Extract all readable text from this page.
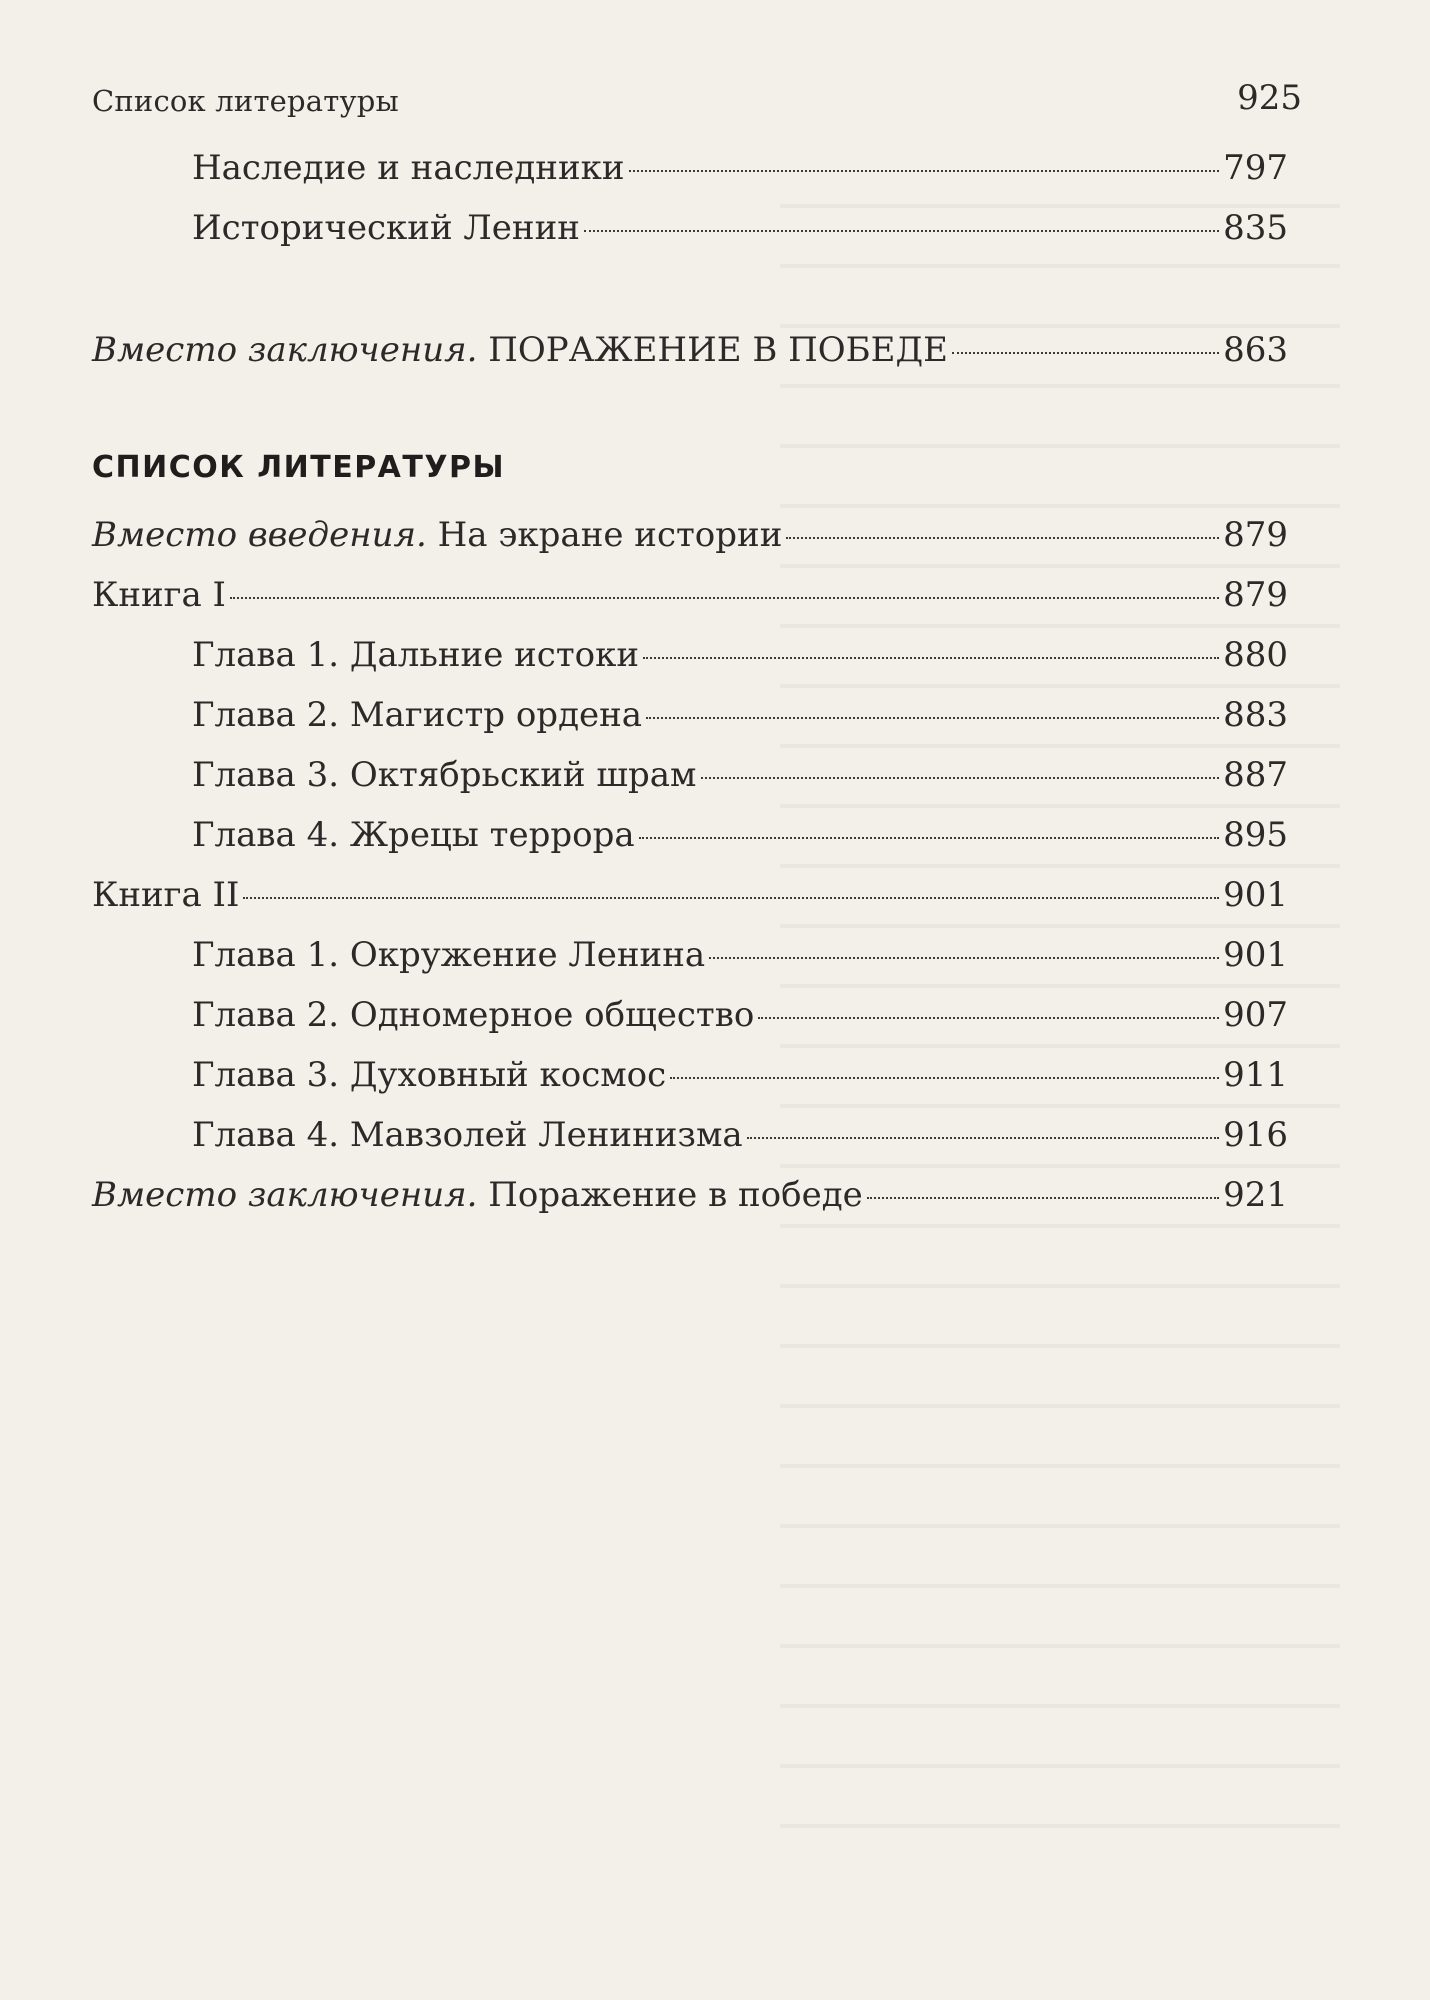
Список литературы	925
Наследие и наследники	797
Исторический Ленин	835
Вместо заключения. ПОРАЖЕНИЕ В ПОБЕДЕ	863
СПИСОК ЛИТЕРАТУРЫ
Вместо введения. На экране истории	879
Книга I	879
Глава 1. Дальние истоки	880
Глава 2. Магистр ордена	883
Глава 3. Октябрьский шрам	887
Глава 4. Жрецы террора	895
Книга II	901
Глава 1. Окружение Ленина	901
Глава 2. Одномерное общество	907
Глава 3. Духовный космос	911
Глава 4. Мавзолей Ленинизма	916
Вместо заключения. Поражение в победе	921
